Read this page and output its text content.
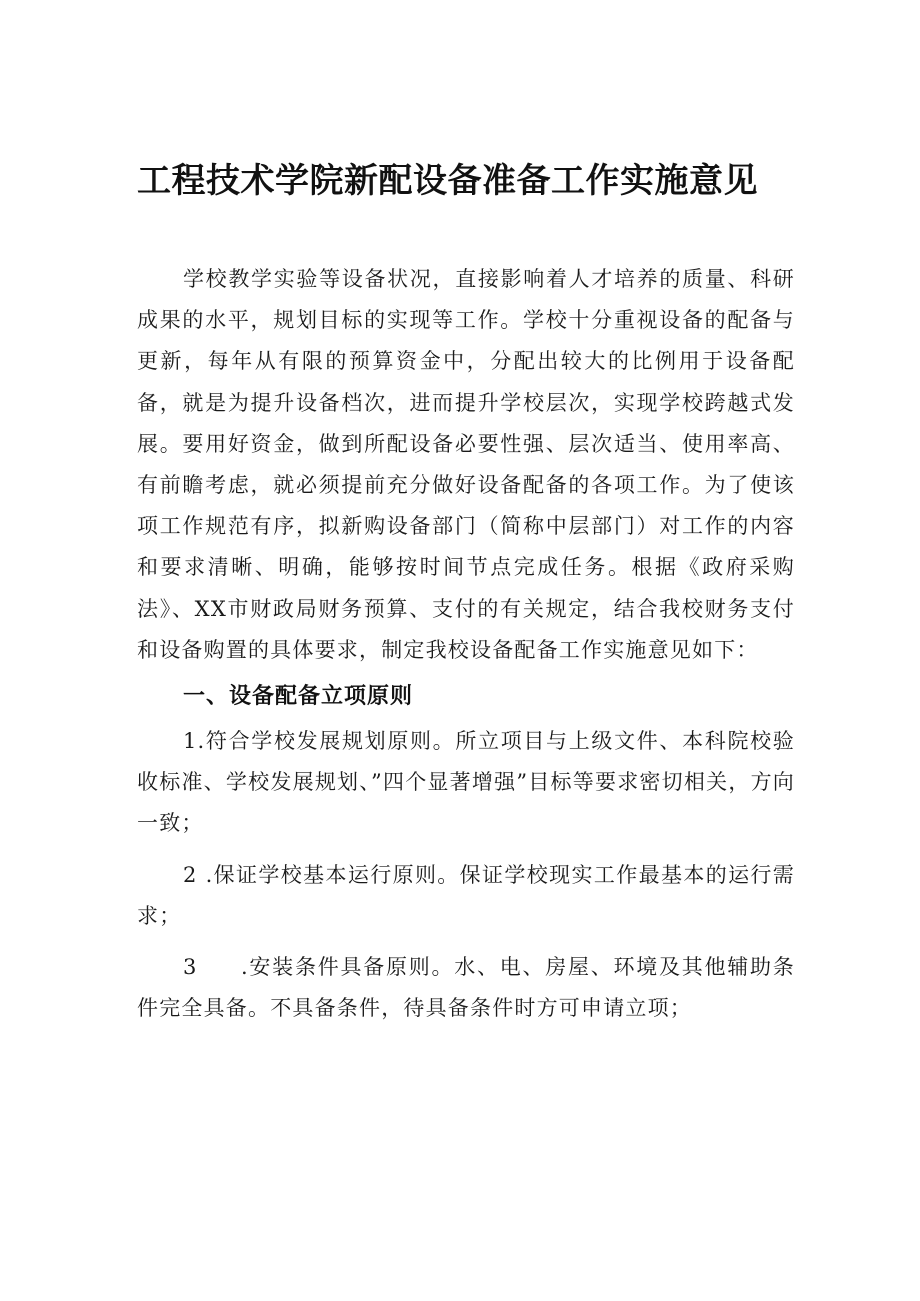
工程技术学院新配设备准备工作实施意见

学校教学实验等设备状况，直接影响着人才培养的质量、科研成果的水平，规划目标的实现等工作。学校十分重视设备的配备与更新，每年从有限的预算资金中，分配出较大的比例用于设备配备，就是为提升设备档次，进而提升学校层次，实现学校跨越式发展。要用好资金，做到所配设备必要性强、层次适当、使用率高、有前瞻考虑，就必须提前充分做好设备配备的各项工作。为了使该项工作规范有序，拟新购设备部门（简称中层部门）对工作的内容和要求清晰、明确，能够按时间节点完成任务。根据《政府采购法》、XX市财政局财务预算、支付的有关规定，结合我校财务支付和设备购置的具体要求，制定我校设备配备工作实施意见如下：

一、设备配备立项原则

1.符合学校发展规划原则。所立项目与上级文件、本科院校验收标准、学校发展规划、”四个显著增强”目标等要求密切相关，方向一致；

2 .保证学校基本运行原则。保证学校现实工作最基本的运行需求；

3 .安装条件具备原则。水、电、房屋、环境及其他辅助条件完全具备。不具备条件，待具备条件时方可申请立项；
